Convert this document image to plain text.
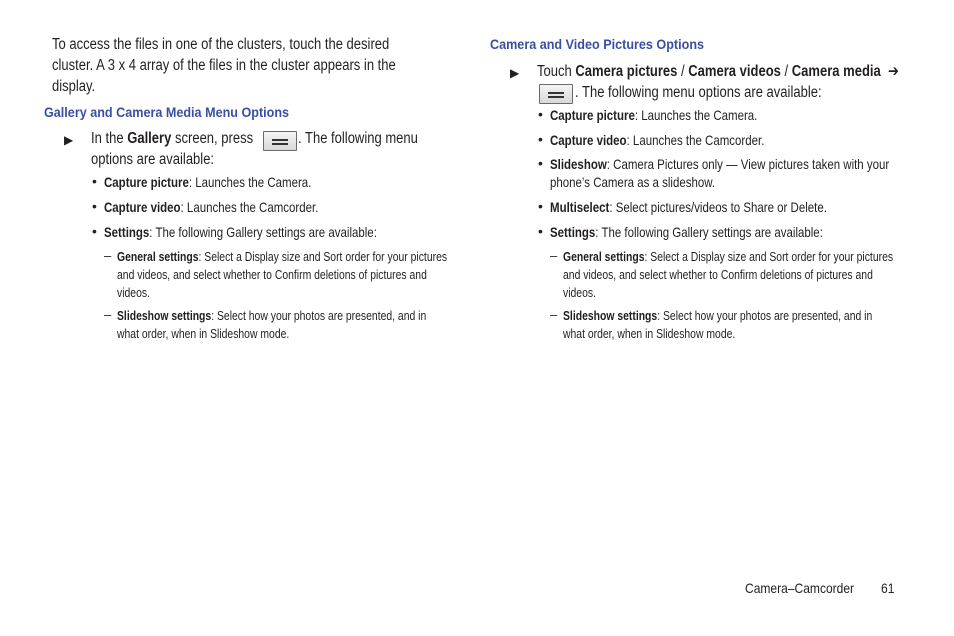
To access the files in one of the clusters, touch the desired
cluster. A 3 x 4 array of the files in the cluster appears in the
display.
Gallery and Camera Media Menu Options
▶ In the Gallery screen, press	. The following menu
options are available:
• Capture picture: Launches the Camera.
• Capture video: Launches the Camcorder.
• Settings: The following Gallery settings are available:
– General settings: Select a Display size and Sort order for your pictures
and videos, and select whether to Confirm deletions of pictures and
videos.
– Slideshow settings: Select how your photos are presented, and in
what order, when in Slideshow mode.
Camera and Video Pictures Options
▶ Touch Camera pictures / Camera videos / Camera media ➔
. The following menu options are available:
• Capture picture: Launches the Camera.
• Capture video: Launches the Camcorder.
• Slideshow: Camera Pictures only — View pictures taken with your
phone’s Camera as a slideshow.
• Multiselect: Select pictures/videos to Share or Delete.
• Settings: The following Gallery settings are available:
– General settings: Select a Display size and Sort order for your pictures
and videos, and select whether to Confirm deletions of pictures and
videos.
– Slideshow settings: Select how your photos are presented, and in
what order, when in Slideshow mode.
Camera–Camcorder 61
